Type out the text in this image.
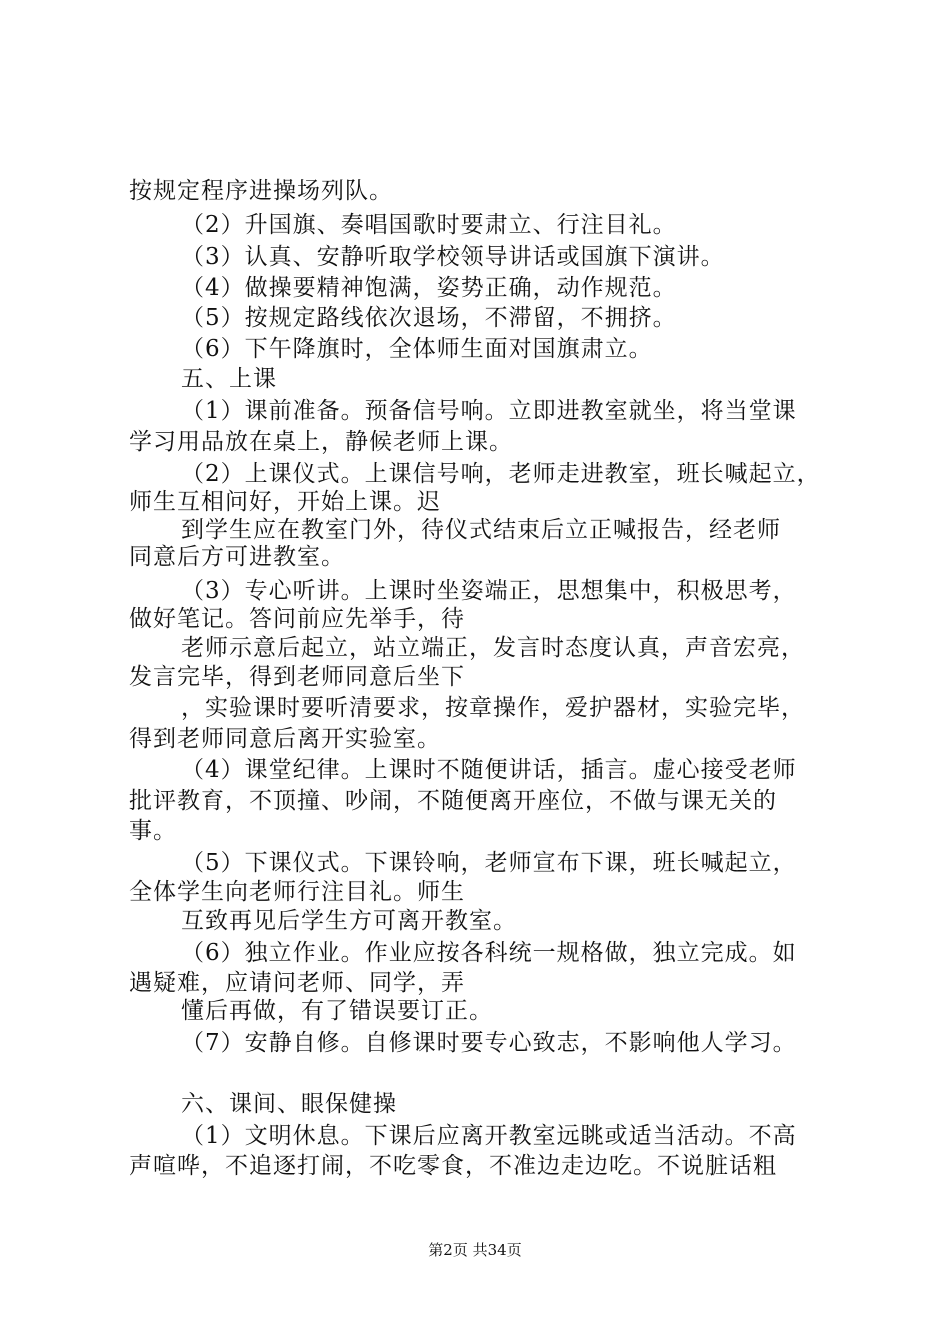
按规定程序进操场列队。
（2）升国旗、奏唱国歌时要肃立、行注目礼。
（3）认真、安静听取学校领导讲话或国旗下演讲。
（4）做操要精神饱满，姿势正确，动作规范。
（5）按规定路线依次退场，不滞留，不拥挤。
（6）下午降旗时，全体师生面对国旗肃立。
五、上课
（1）课前准备。预备信号响。立即进教室就坐，将当堂课
学习用品放在桌上，静候老师上课。
（2）上课仪式。上课信号响，老师走进教室，班长喊起立，
师生互相问好，开始上课。迟
到学生应在教室门外，待仪式结束后立正喊报告，经老师
同意后方可进教室。
（3）专心听讲。上课时坐姿端正，思想集中，积极思考，
做好笔记。答问前应先举手，待
老师示意后起立，站立端正，发言时态度认真，声音宏亮，
发言完毕，得到老师同意后坐下
，实验课时要听清要求，按章操作，爱护器材，实验完毕，
得到老师同意后离开实验室。
（4）课堂纪律。上课时不随便讲话，插言。虚心接受老师
批评教育，不顶撞、吵闹，不随便离开座位，不做与课无关的
事。
（5）下课仪式。下课铃响，老师宣布下课，班长喊起立，
全体学生向老师行注目礼。师生
互致再见后学生方可离开教室。
（6）独立作业。作业应按各科统一规格做，独立完成。如
遇疑难，应请问老师、同学，弄
懂后再做，有了错误要订正。
（7）安静自修。自修课时要专心致志，不影响他人学习。
六、课间、眼保健操
（1）文明休息。下课后应离开教室远眺或适当活动。不高
声喧哗，不追逐打闹，不吃零食，不准边走边吃。不说脏话粗
第2页 共34页
